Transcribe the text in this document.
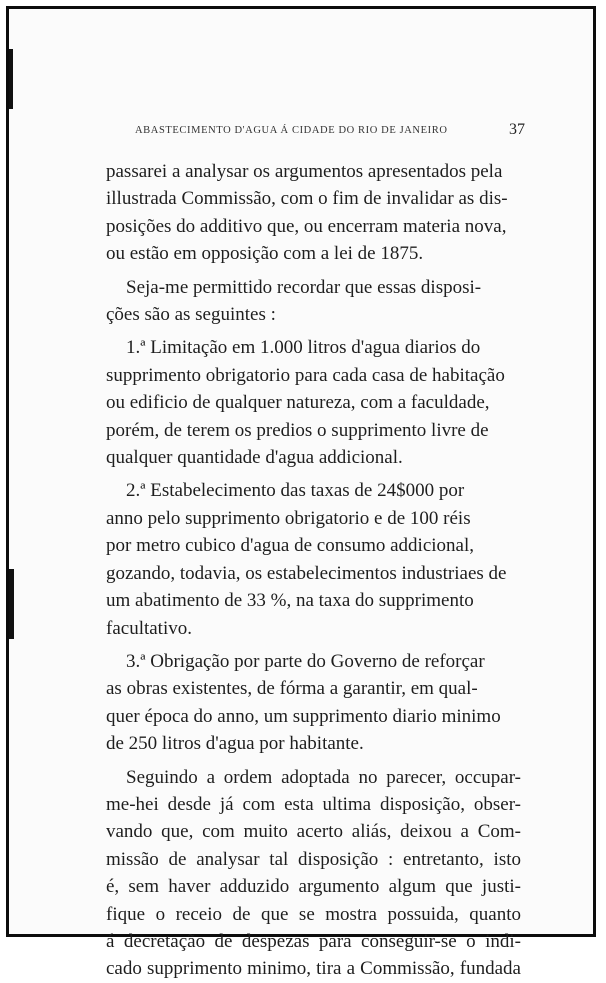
ABASTECIMENTO D'AGUA Á CIDADE DO RIO DE JANEIRO	37
passarei a analysar os argumentos apresentados pela
illustrada Commissão, com o fim de invalidar as dis-
posições do additivo que, ou encerram materia nova,
ou estão em opposição com a lei de 1875.
Seja-me permittido recordar que essas disposi-
ções são as seguintes :
1.ª Limitação em 1.000 litros d'agua diarios do
supprimento obrigatorio para cada casa de habitação
ou edificio de qualquer natureza, com a faculdade,
porém, de terem os predios o supprimento livre de
qualquer quantidade d'agua addicional.
2.ª Estabelecimento das taxas de 24$000 por
anno pelo supprimento obrigatorio e de 100 réis
por metro cubico d'agua de consumo addicional,
gozando, todavia, os estabelecimentos industriaes de
um abatimento de 33 %, na taxa do supprimento
facultativo.
3.ª Obrigação por parte do Governo de reforçar
as obras existentes, de fórma a garantir, em qual-
quer época do anno, um supprimento diario minimo
de 250 litros d'agua por habitante.
Seguindo a ordem adoptada no parecer, occupar-
me-hei desde já com esta ultima disposição, obser-
vando que, com muito acerto aliás, deixou a Com-
missão de analysar tal disposição : entretanto, isto
é, sem haver adduzido argumento algum que justi-
fique o receio de que se mostra possuida, quanto
á decretação de despezas para conseguir-se o indi-
cado supprimento minimo, tira a Commissão, fundada
